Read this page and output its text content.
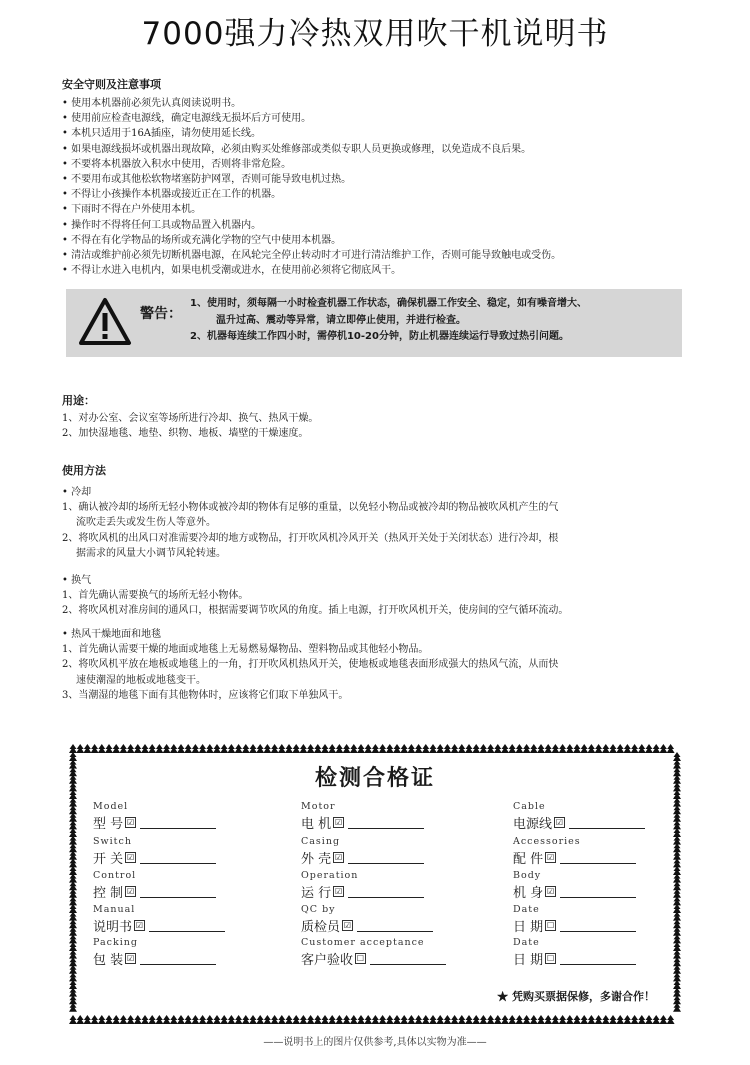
7000强力冷热双用吹干机说明书
安全守则及注意事项
• 使用本机器前必须先认真阅读说明书。
• 使用前应检查电源线，确定电源线无损坏后方可使用。
• 本机只适用于16A插座，请勿使用延长线。
• 如果电源线损坏或机器出现故障，必须由购买处维修部或类似专职人员更换或修理，以免造成不良后果。
• 不要将本机器放入积水中使用，否则将非常危险。
• 不要用布或其他松软物堵塞防护网罩，否则可能导致电机过热。
• 不得让小孩操作本机器或接近正在工作的机器。
• 下雨时不得在户外使用本机。
• 操作时不得将任何工具或物品置入机器内。
• 不得在有化学物品的场所或充满化学物的空气中使用本机器。
• 清洁或维护前必须先切断机器电源，在风轮完全停止转动时才可进行清洁维护工作，否则可能导致触电或受伤。
• 不得让水进入电机内，如果电机受潮或进水，在使用前必须将它彻底风干。
警告：
1、使用时，须每隔一小时检查机器工作状态，确保机器工作安全、稳定，如有噪音增大、
温升过高、震动等异常，请立即停止使用，并进行检查。
2、机器每连续工作四小时，需停机10-20分钟，防止机器连续运行导致过热引问题。
用途：
1、对办公室、会议室等场所进行冷却、换气、热风干燥。
2、加快湿地毯、地垫、织物、地板、墙壁的干燥速度。
使用方法
• 冷却
1、确认被冷却的场所无轻小物体或被冷却的物体有足够的重量，以免轻小物品或被冷却的物品被吹风机产生的气
流吹走丢失或发生伤人等意外。
2、将吹风机的出风口对准需要冷却的地方或物品，打开吹风机冷风开关（热风开关处于关闭状态）进行冷却，根
据需求的风量大小调节风轮转速。
• 换气
1、首先确认需要换气的场所无轻小物体。
2、将吹风机对准房间的通风口，根据需要调节吹风的角度。插上电源，打开吹风机开关，使房间的空气循环流动。
• 热风干燥地面和地毯
1、首先确认需要干燥的地面或地毯上无易燃易爆物品、塑料物品或其他轻小物品。
2、将吹风机平放在地板或地毯上的一角，打开吹风机热风开关，使地板或地毯表面形成强大的热风气流，从而快
速使潮湿的地板或地毯变干。
3、当潮湿的地毯下面有其他物体时，应该将它们取下单独风干。
检测合格证
Model
型 号 ☑
Motor
电 机 ☑
Cable
电源线 ☑
Switch
开 关 ☑
Casing
外 壳 ☑
Accessories
配 件 ☑
Control
控 制 ☑
Operation
运 行 ☑
Body
机 身 ☑
Manual
说明书 ☑
QC by
质检员 ☑
Date
日 期 ☐
Packing
包 装 ☑
Customer acceptance
客户验收 ☐
Date
日 期 ☐
★ 凭购买票据保修，多谢合作！
——说明书上的图片仅供参考,具体以实物为准——
